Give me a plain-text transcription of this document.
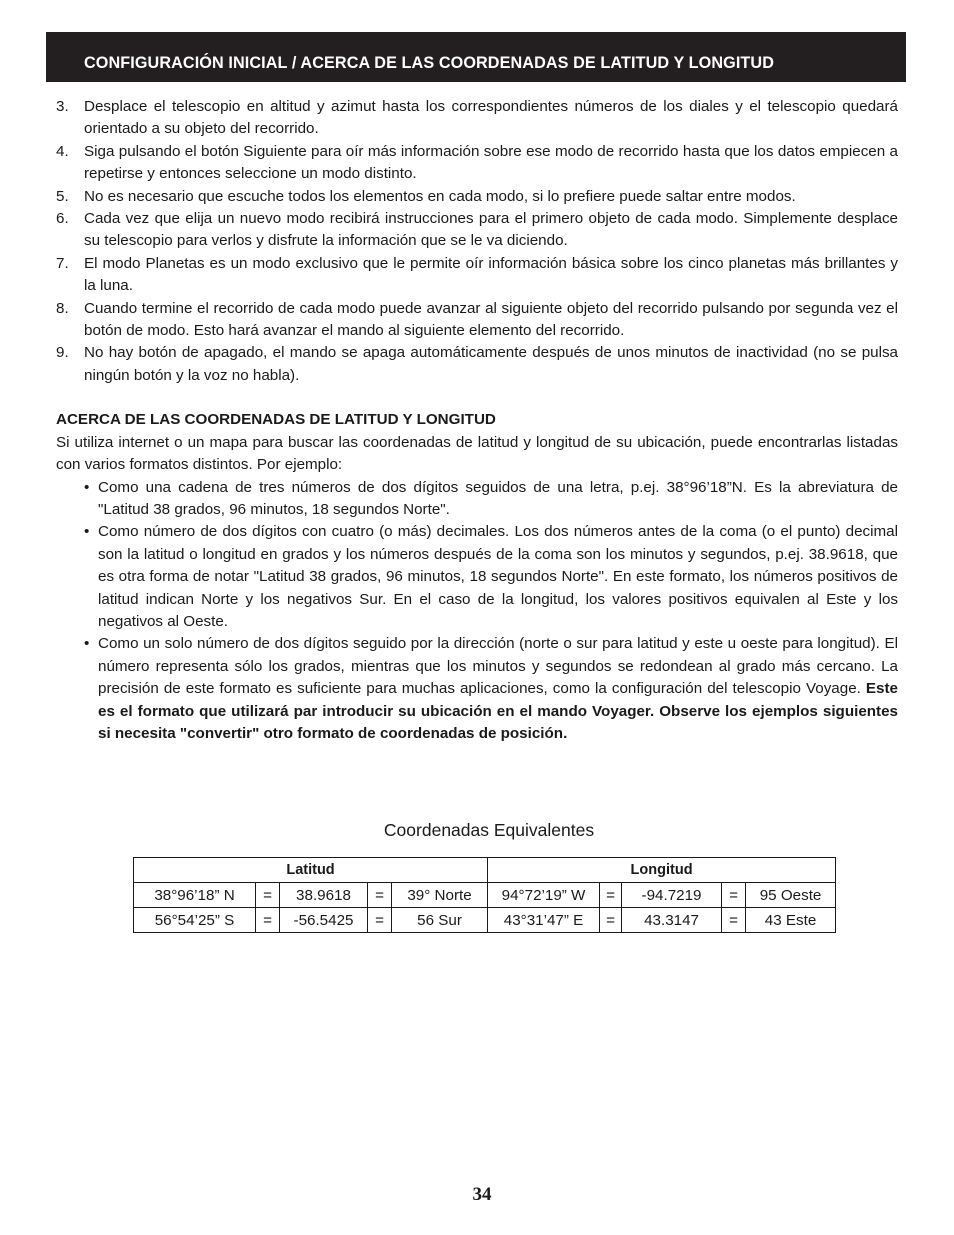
CONFIGURACIÓN INICIAL / ACERCA DE LAS COORDENADAS DE LATITUD Y LONGITUD
3. Desplace el telescopio en altitud y azimut hasta los correspondientes números de los diales y el telescopio quedará orientado a su objeto del recorrido.
4. Siga pulsando el botón Siguiente para oír más información sobre ese modo de recorrido hasta que los datos empiecen a repetirse y entonces seleccione un modo distinto.
5. No es necesario que escuche todos los elementos en cada modo, si lo prefiere puede saltar entre modos.
6. Cada vez que elija un nuevo modo recibirá instrucciones para el primero objeto de cada modo. Simplemente desplace su telescopio para verlos y disfrute la información que se le va diciendo.
7. El modo Planetas es un modo exclusivo que le permite oír información básica sobre los cinco planetas más brillantes y la luna.
8. Cuando termine el recorrido de cada modo puede avanzar al siguiente objeto del recorrido pulsando por segunda vez el botón de modo. Esto hará avanzar el mando al siguiente elemento del recorrido.
9. No hay botón de apagado, el mando se apaga automáticamente después de unos minutos de inactividad (no se pulsa ningún botón y la voz no habla).
ACERCA DE LAS COORDENADAS DE LATITUD Y LONGITUD
Si utiliza internet o un mapa para buscar las coordenadas de latitud y longitud de su ubicación, puede encontrarlas listadas con varios formatos distintos. Por ejemplo:
• Como una cadena de tres números de dos dígitos seguidos de una letra, p.ej. 38°96’18”N. Es la abreviatura de "Latitud 38 grados, 96 minutos, 18 segundos Norte".
• Como número de dos dígitos con cuatro (o más) decimales. Los dos números antes de la coma (o el punto) decimal son la latitud o longitud en grados y los números después de la coma son los minutos y segundos, p.ej. 38.9618, que es otra forma de notar "Latitud 38 grados, 96 minutos, 18 segundos Norte". En este formato, los números positivos de latitud indican Norte y los negativos Sur. En el caso de la longitud, los valores positivos equivalen al Este y los negativos al Oeste.
• Como un solo número de dos dígitos seguido por la dirección (norte o sur para latitud y este u oeste para longitud). El número representa sólo los grados, mientras que los minutos y segundos se redondean al grado más cercano. La precisión de este formato es suficiente para muchas aplicaciones, como la configuración del telescopio Voyage. Este es el formato que utilizará par introducir su ubicación en el mando Voyager. Observe los ejemplos siguientes si necesita "convertir" otro formato de coordenadas de posición.
Coordenadas Equivalentes
Latitud					Longitud				
38°96’18” N	=	38.9618	=	39° Norte	94°72’19” W	=	-94.7219	=	95 Oeste
56°54’25” S	=	-56.5425	=	56 Sur	43°31’47” E	=	43.3147	=	43 Este
34
